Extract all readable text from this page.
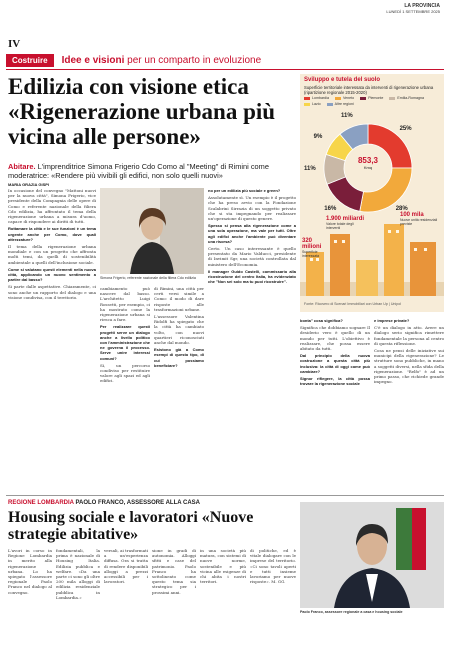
LA PROVINCIA
LUNEDÌ 1 SETTEMBRE 2025
IV
Costruire	Idee e visioni per un comparto in evoluzione
Edilizia con visione etica «Rigenerazione urbana più vicina alle persone»
Abitare. L'imprenditrice Simona Frigerio Cdo Como al "Meeting" di Rimini come moderatrice: «Rendere più vivibili gli edifici, non solo quelli nuovi»
MARIA GRAZIA GISPI

In occasione del convegno "Mattoni nuovi per la nuova città", Simona Frigerio, vice presidente della Compagnia delle opere di Como e referente nazionale della filiera Cdo edilizia, ha affrontato il tema della rigenerazione urbana a misura d'uomo, capace di rispondere ai diritti di tutti.

Rottamare la città e le sue funzioni è un tema urgente anche per Como, dove quali attrezzature?

Il tema della rigenerazione urbana mondiale e con un progetto che affronta molti temi, da quelli di sostenibilità ambientale a quelli dell'inclusione sociale.

Come si valutano questi elementi nella nuova città, applicando un nuovo sentimento a partire dal basso?

Si parte dalle aspettative. Chiaramente, ci sono anche un rapporto del dialogo e una visione condivisa, con il territorio.

Simona Frigerio, referente nazionale della filiera Cdo edilizia

cambiamento può nascere dal basso. L'architetto Luigi Rossetti, per esempio, ci ha mostrato come la rigenerazione urbana si riesca a fare.

Per realizzare questi progetti serve un dialogo anche a livello politico con l'amministrazione che ne governa il processo. Serve unire interessi comuni?

Sì, un percorso condiviso per restituire valore agli spazi ed agli edifici.

di Rimini, una città per certi versi simile a Como: il modo di dare risposte alle trasformazioni urbane.

L'assessore Valentina Ridolfi ha spiegato che la città ha cambiato volto, con nuovi quartieri riconosciuti anche dal mondo.

Esistono già a Como esempi di questo tipo, di cui possiamo beneficiare?

no per un edilizia più sociale e green?

Assolutamente sì. Un esempio è il progetto che ha preso avvio con la Fondazione Scalabrini Sirrazia di un soggetto privato che si sta impegnando per realizzare un'operazione di questo genere.

Spesso si pensa alla rigenerazione come a una sola operazione, ma vale per tutti. Oltre agli edifici anche l'ambiente può diventare una risorsa?

Certo. Un caso interessante è quello presentato da Mario Valducci, presidente di Invimit Sgr, una società controllata dal ministero dell'Economia.

Il manager Guido Castelli, commissario alla ricostruzione del centro Italia, ha evidenziato che "Non sei solo ma tu puoi ricostruire".

Sviluppo e tutela del suolo
Superficie territoriale interessata da interventi di rigenerazione urbana (ripartizione regionale 2015-2020)
Lombardia	Veneto	Piemonte	Emilia-Romagna
Lazio	Altre regioni
853,3
Kmq
25%
28%
16%
11%
9%
11%
1.900 miliardi
Valore totale degli interventi
100 mila
Nuove unità residenziali previste
320 milioni
Superficie interessata
Fonte: Ricovero di Scenari Immobiliari con Urban Up | Unipol

bonta" cosa significa?

Significa che dobbiamo sognare Il desiderio vero è quello di un mondo per tutti. L'obiettivo è realizzare, che possa essere abitato da tutti.

Dal principio della nuova costruzione a questa città più inclusiva: la città di oggi come può cambiare?

Signor riflegere, la città possa trovare la rigenerazione sociale

e imprese private?

C'è un dialogo in atto. Avere un dialogo serio significa rimettere fondamentale la persona al centro di questa riflessione.

Cosa ne pensi delle iniziative sui municipi della rigenerazione? Le strutture sono pubbliche, in mano a soggetti diversi, nella sfida della rigenerazione. "Relfo" è ad un primo passo, che richiede grande impegno.

REGIONE LOMBARDIA PAOLO FRANCO, ASSESSORE ALLA CASA
Housing sociale e lavoratori «Nuove strategie abitative»
L'avori in corso in Regione Lombardia in merito alla rigenerazione urbana. Lo ha spiegato l'assessore regionale Paolo Franco nel dialogo al convegno.
fondamentali, la prima è nazionale di Housing Italia. Edilizia pubblica e welfare. «Da una parte ci sono gli oltre 200 mila alloggi di edilizia residenziale pubblica in Lombardia.»
versali, ai trasformati a un'esperienza diffusa. Ora si tratta di rendere disponibili alloggi a prezzi accessibili per i lavoratori.
sione in gradi di autonomia. Alloggi sfitti e case del patrimonio. Paolo Franco ha sottolineato come questo tema sia strategico per i prossimi anni.
in una società più matura, con sistemi di nuove norme, sostenibile e più vicina alle esigenze di chi abita i nostri territori.
di politiche, ed è vitale dialogare con le imprese del territorio. «Ci sono tavoli aperti e tutti insieme lavoriamo per nuove risposte». M. GG.
Paolo Franco, assessore regionale a casa e housing sociale
